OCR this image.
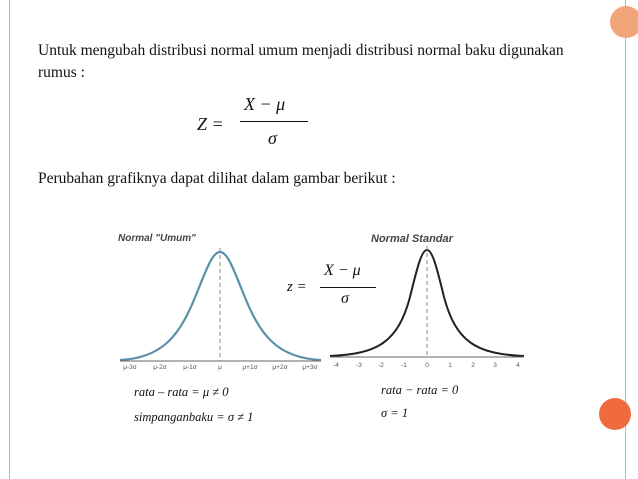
Untuk mengubah distribusi normal umum menjadi distribusi normal baku digunakan rumus :
Z =
X − μ
σ
Perubahan grafiknya dapat dilihat dalam gambar berikut :
Normal "Umum"
μ-3σ	μ-2σ	μ-1σ	μ	μ+1σ μ+2σ μ+3σ
Normal Standar
-4	-3 -2	-1	0	1	2	3	4
z =
X − μ
σ
rata – rata = μ ≠ 0
simpanganbaku = σ ≠ 1
rata − rata = 0
σ = 1
